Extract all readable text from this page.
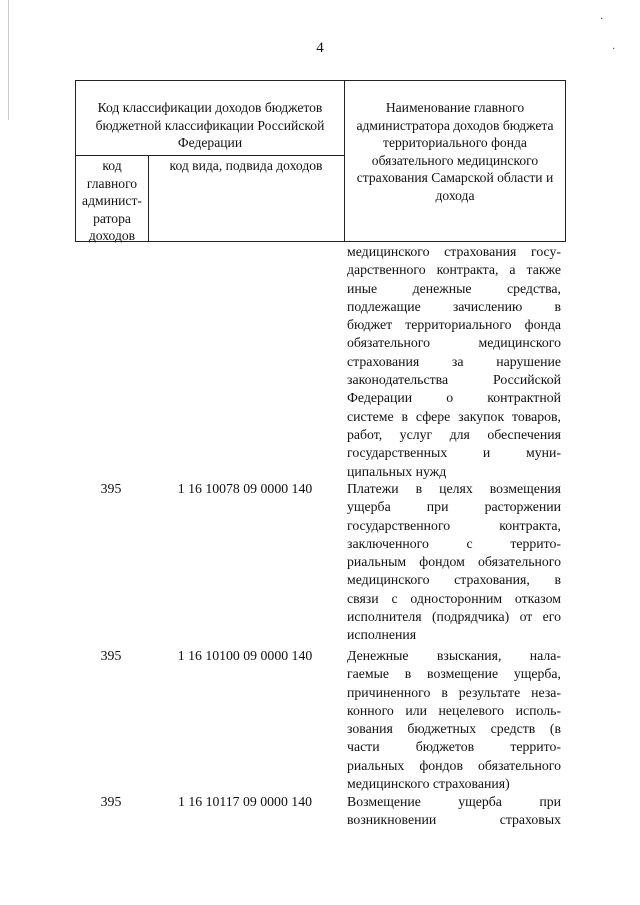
4
Код классификации доходов бюджетов бюджетной классификации Российской Федерации
Наименование главного администратора доходов бюджета территориального фонда обязательного медицинского страхования Самарской области и дохода
код главного админист-ратора доходов
код вида, подвида доходов
медицинского страхования госу-
дарственного контракта, а также
иные денежные средства,
подлежащие зачислению в
бюджет территориального фонда
обязательного медицинского
страхования за нарушение
законодательства Российской
Федерации о контрактной
системе в сфере закупок товаров,
работ, услуг для обеспечения
государственных и муни-
ципальных нужд
395	1 16 10078 09 0000 140	Платежи в целях возмещения
ущерба при расторжении
государственного контракта,
заключенного с террито-
риальным фондом обязательного
медицинского страхования, в
связи с односторонним отказом
исполнителя (подрядчика) от его
исполнения
395	1 16 10100 09 0000 140	Денежные взыскания, нала-
гаемые в возмещение ущерба,
причиненного в результате неза-
конного или нецелевого исполь-
зования бюджетных средств (в
части бюджетов террито-
риальных фондов обязательного
медицинского страхования)
395	1 16 10117 09 0000 140	Возмещение ущерба при
возникновении страховых
·
·
